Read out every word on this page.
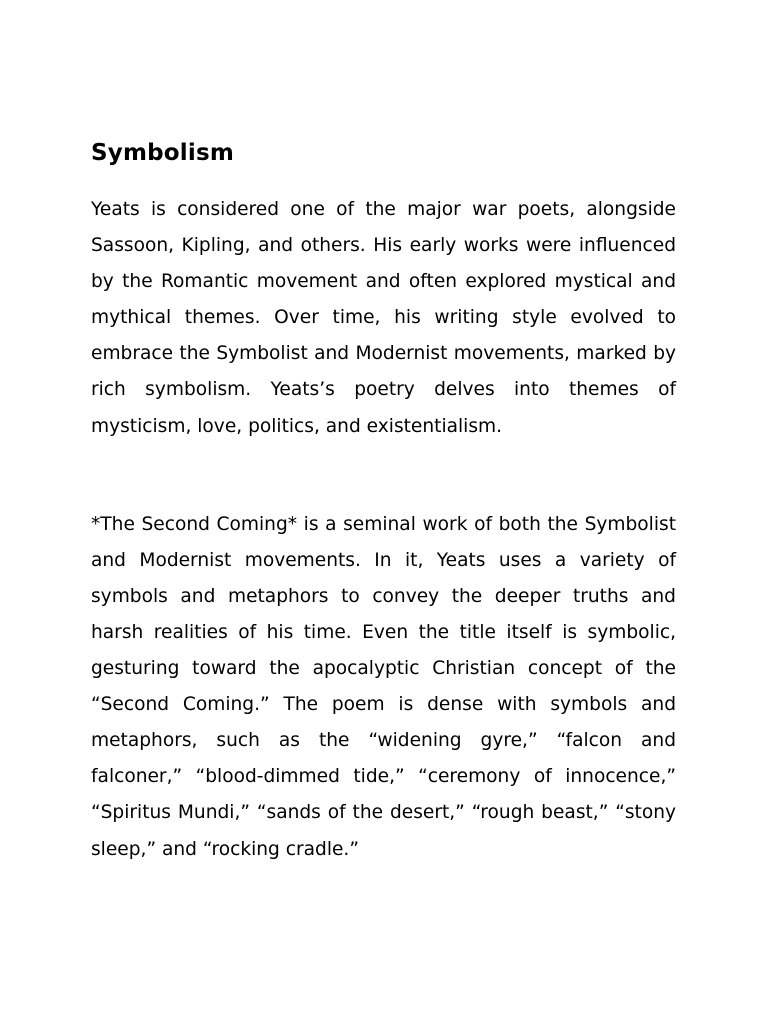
Symbolism

Yeats is considered one of the major war poets, alongside Sassoon, Kipling, and others. His early works were influenced by the Romantic movement and often explored mystical and mythical themes. Over time, his writing style evolved to embrace the Symbolist and Modernist movements, marked by rich symbolism. Yeats’s poetry delves into themes of mysticism, love, politics, and existentialism.

*The Second Coming* is a seminal work of both the Symbolist and Modernist movements. In it, Yeats uses a variety of symbols and metaphors to convey the deeper truths and harsh realities of his time. Even the title itself is symbolic, gesturing toward the apocalyptic Christian concept of the “Second Coming.” The poem is dense with symbols and metaphors, such as the “widening gyre,” “falcon and falconer,” “blood-dimmed tide,” “ceremony of innocence,” “Spiritus Mundi,” “sands of the desert,” “rough beast,” “stony sleep,” and “rocking cradle.”
